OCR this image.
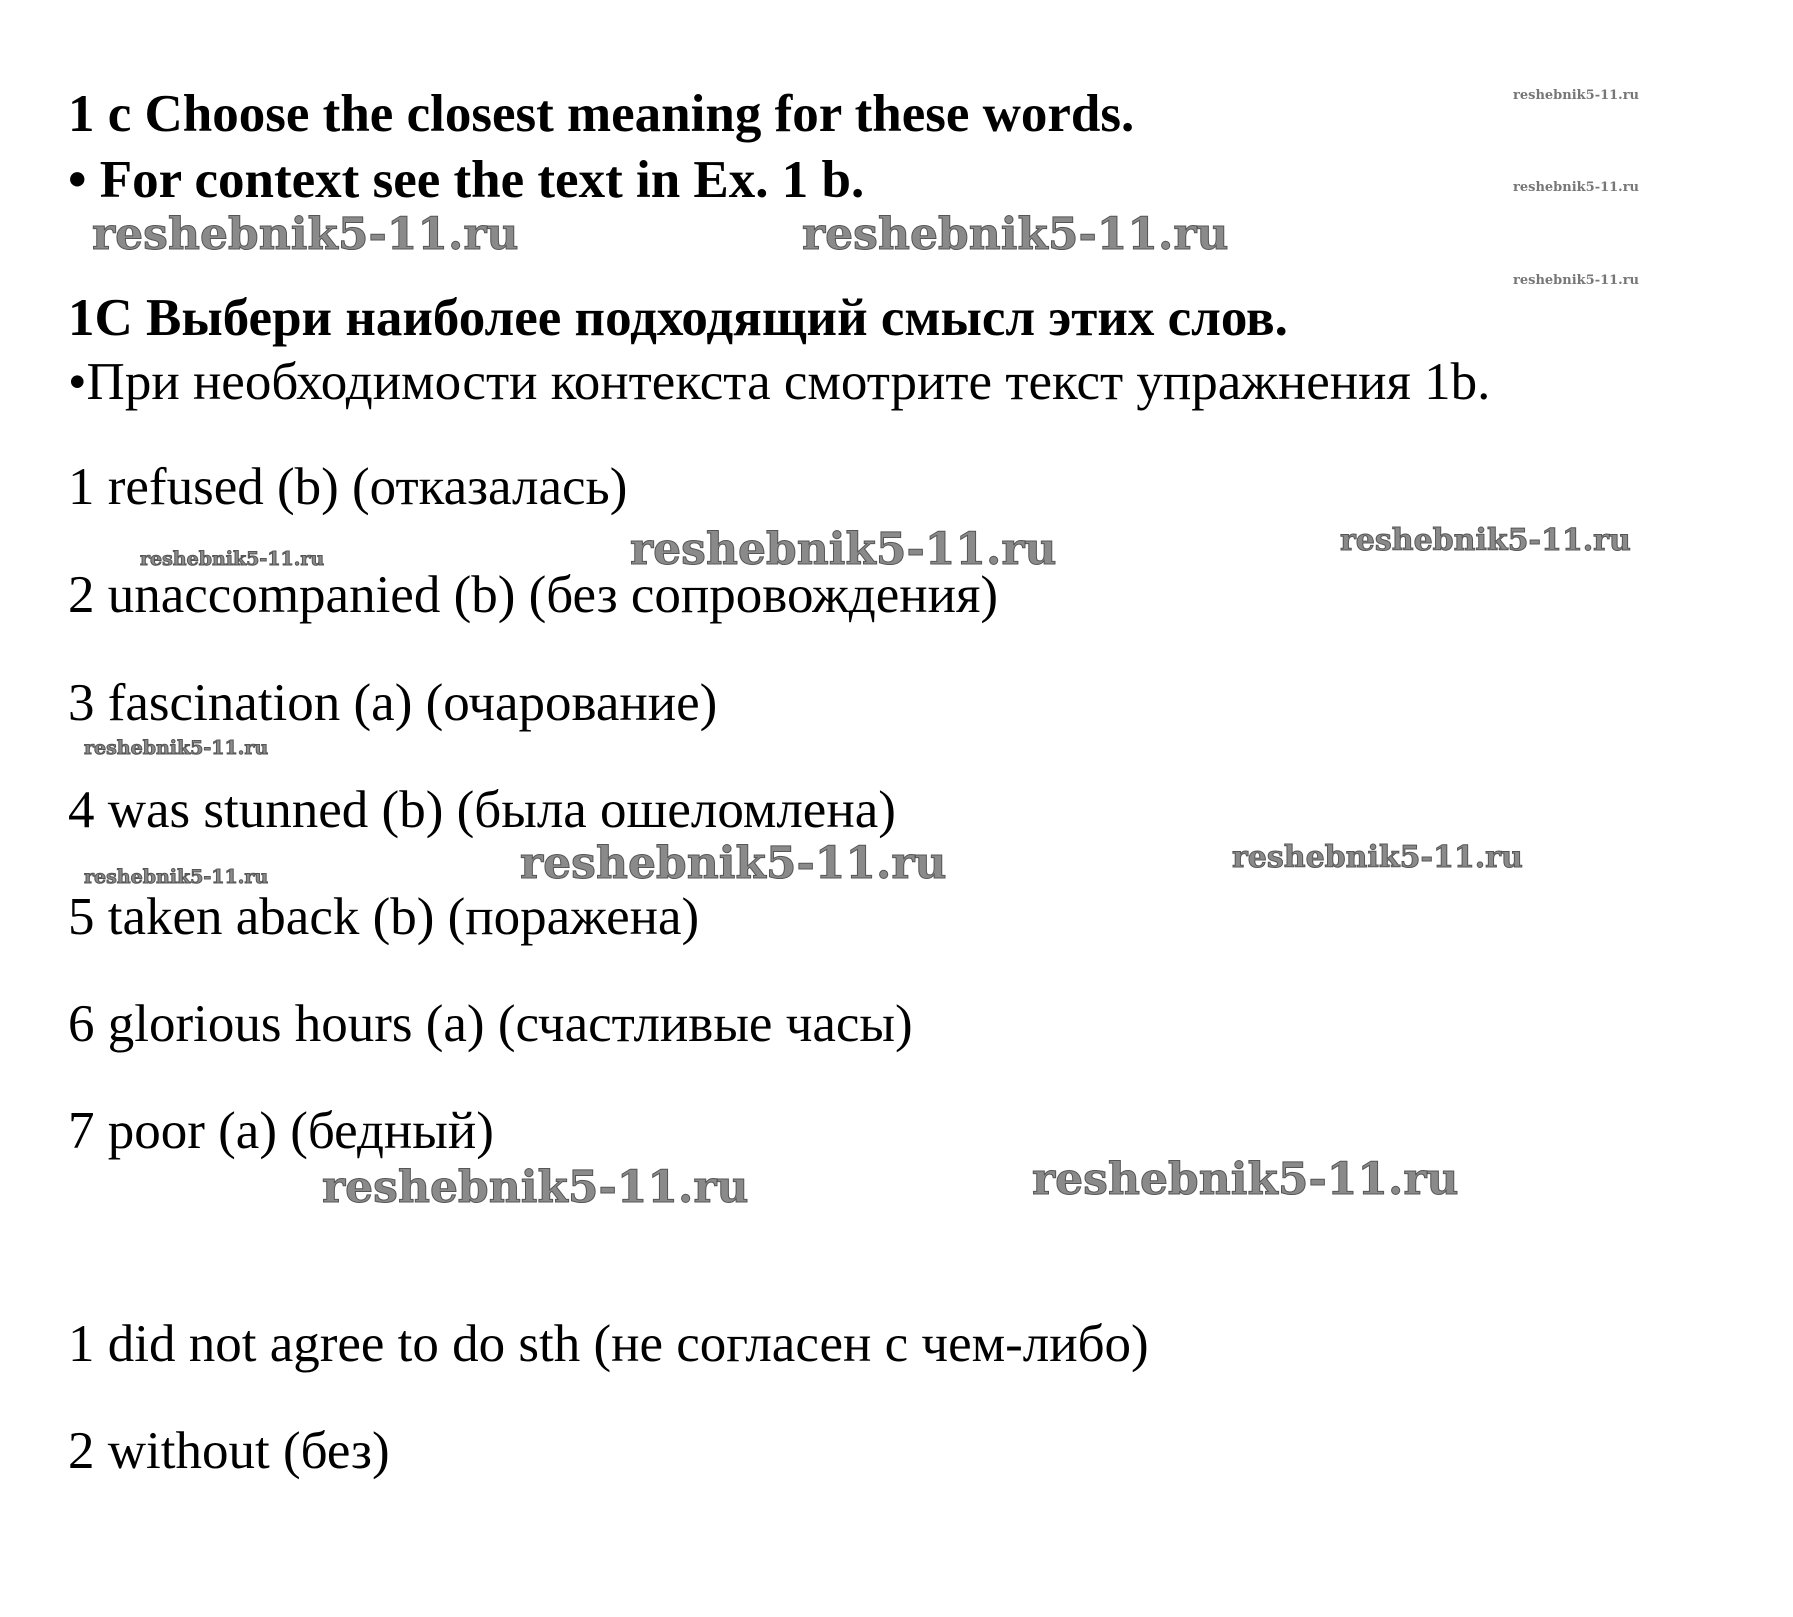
1 c Choose the closest meaning for these words.
• For context see the text in Ex. 1 b.
1C Выбери наиболее подходящий смысл этих слов.
•При необходимости контекста смотрите текст упражнения 1b.
1 refused (b) (отказалась)
2 unaccompanied (b) (без сопровождения)
3 fascination (a) (очарование)
4 was stunned (b) (была ошеломлена)
5 taken aback (b) (поражена)
6 glorious hours (a) (счастливые часы)
7 poor (a) (бедный)
1 did not agree to do sth (не согласен с чем-либо)
2 without (без)
reshebnik5-11.ru
reshebnik5-11.ru
reshebnik5-11.ru
reshebnik5-11.ru	reshebnik5-11.ru
reshebnik5-11.ru	reshebnik5-11.ru
reshebnik5-11.ru
reshebnik5-11.ru
reshebnik5-11.ru	reshebnik5-11.ru	reshebnik5-11.ru
reshebnik5-11.ru	reshebnik5-11.ru
